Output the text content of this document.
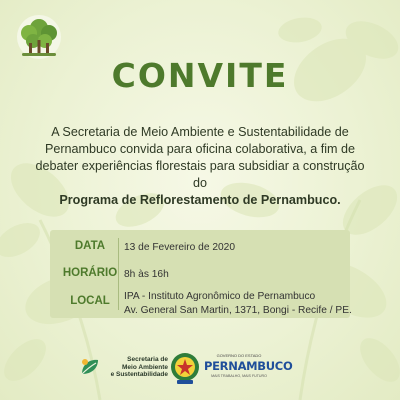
CONVITE
A Secretaria de Meio Ambiente e Sustentabilidade de
Pernambuco convida para oficina colaborativa, a fim de
debater experiências florestais para subsidiar a construção do
Programa de Reflorestamento de Pernambuco.
DATA	13 de Fevereiro de 2020
HORÁRIO 8h às 16h
LOCAL	IPA - Instituto Agronômico de Pernambuco
Av. General San Martin, 1371, Bongi - Recife / PE.
Secretaria de
Meio Ambiente
e Sustentabilidade
GOVERNO DO ESTADO
PERNAMBUCO
MAIS TRABALHO, MAIS FUTURO
